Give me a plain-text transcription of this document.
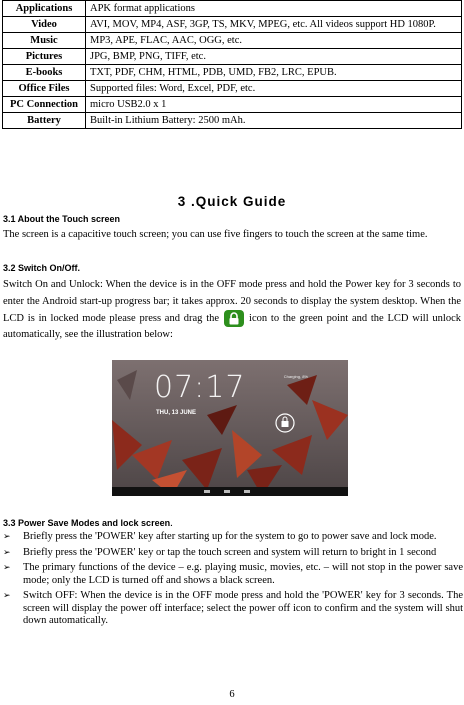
Applications	APK format applications
Video	AVI, MOV, MP4, ASF, 3GP, TS, MKV, MPEG, etc. All videos support HD 1080P.
Music	MP3, APE, FLAC, AAC, OGG, etc.
Pictures	JPG, BMP, PNG, TIFF, etc.
E-books	TXT, PDF, CHM, HTML, PDB, UMD, FB2, LRC, EPUB.
Office Files	Supported files: Word, Excel, PDF, etc.
PC Connection	micro USB2.0 x 1
Battery	Built-in Lithium Battery: 2500 mAh.
3 .Quick Guide
3.1 About the Touch screen

The screen is a capacitive touch screen; you can use five fingers to touch the screen at the same time.

3.2 Switch On/Off.

Switch On and Unlock: When the device is in the OFF mode press and hold the Power key for 3 seconds to enter the Android start-up progress bar; it takes approx. 20 seconds to display the system desktop. When the LCD is in locked mode please press and drag the	icon to the green point and the LCD will unlock automatically, see the illustration below:

07:17
THU, 13 JUNE
Charging, 8%
3.3 Power Save Modes and lock screen.
➢ Briefly press the 'POWER' key after starting up for the system to go to power save and lock mode.
➢ Briefly press the 'POWER' key or tap the touch screen and system will return to bright in 1 second
➢ The primary functions of the device – e.g. playing music, movies, etc. – will not stop in the power save mode; only the LCD is turned off and shows a black screen.
➢ Switch OFF: When the device is in the OFF mode press and hold the 'POWER' key for 3 seconds. The screen will display the power off interface; select the power off icon to confirm and the system will shut down automatically.
6
